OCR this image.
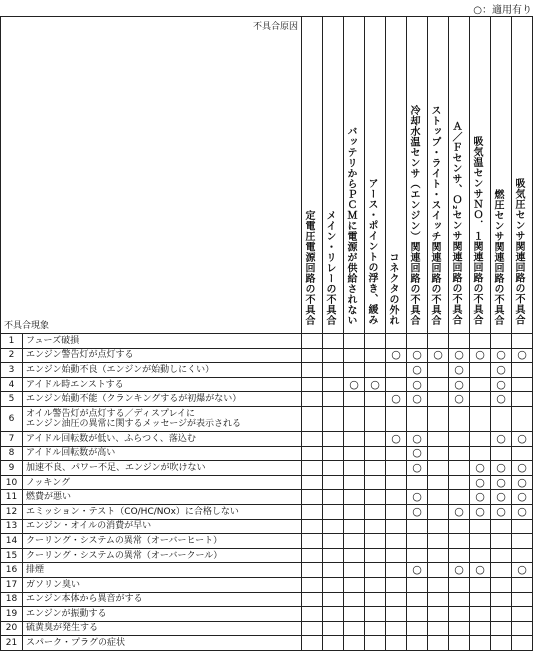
○：適用有り
不具合原因
不具合現象		定電圧電源回路の不具合	メイン・リレーの不具合	バッテリからＰＣＭに電源が供給されない	アース・ポイントの浮き、緩み	コネクタの外れ	冷却水温センサ（エンジン）関連回路の不具合	ストップ・ライト・スイッチ関連回路の不具合	Ａ／Ｆセンサ、Ｏ₂センサ関連回路の不具合	吸気温センサＮＯ．１関連回路の不具合	燃圧センサ関連回路の不具合	吸気圧センサ関連回路の不具合
1	フューズ破損											
2	エンジン警告灯が点灯する					○	○	○	○	○	○	○
3	エンジン始動不良（エンジンが始動しにくい）						○		○		○	
4	アイドル時エンストする			○	○		○		○		○	
5	エンジン始動不能（クランキングするが初爆がない）					○	○		○		○	
6	オイル警告灯が点灯する／ディスプレイに
エンジン油圧の異常に関するメッセージが表示される											
7	アイドル回転数が低い、ふらつく、落込む					○	○				○	○
8	アイドル回転数が高い						○					
9	加速不良、パワー不足、エンジンが吹けない						○			○	○	○
10	ノッキング									○	○	○
11	燃費が悪い						○			○	○	○
12	エミッション・テスト（CO/HC/NOx）に合格しない						○		○	○	○	○
13	エンジン・オイルの消費が早い											
14	クーリング・システムの異常（オーバーヒート）											
15	クーリング・システムの異常（オーバークール）											
16	排煙						○		○	○		○
17	ガソリン臭い											
18	エンジン本体から異音がする											
19	エンジンが振動する											
20	硫黄臭が発生する											
21	スパーク・プラグの症状											
